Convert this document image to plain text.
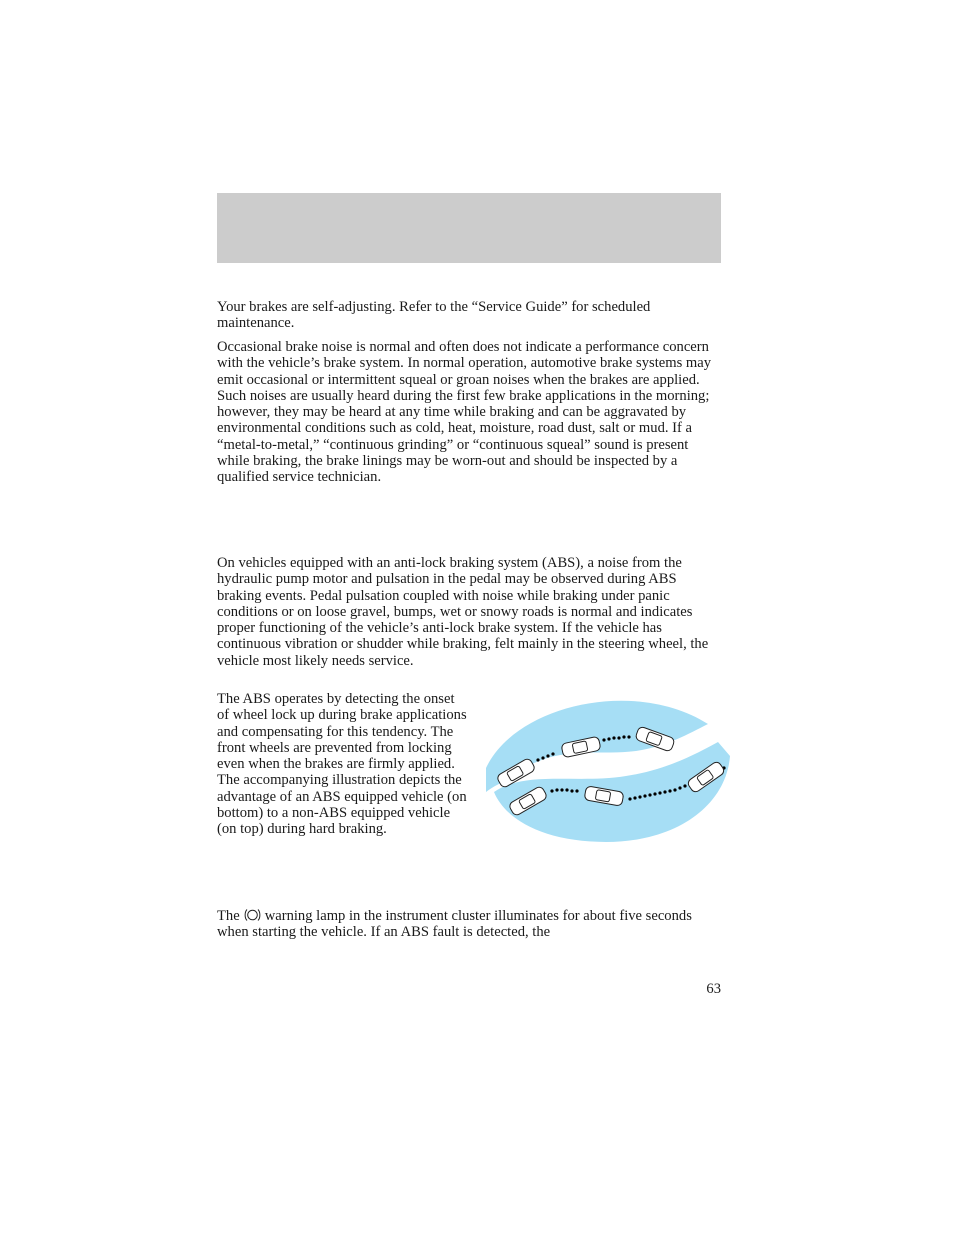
Your brakes are self-adjusting. Refer to the “Service Guide” for scheduled maintenance.

Occasional brake noise is normal and often does not indicate a performance concern with the vehicle’s brake system. In normal operation, automotive brake systems may emit occasional or intermittent squeal or groan noises when the brakes are applied. Such noises are usually heard during the first few brake applications in the morning; however, they may be heard at any time while braking and can be aggravated by environmental conditions such as cold, heat, moisture, road dust, salt or mud. If a “metal-to-metal,” “continuous grinding” or “continuous squeal” sound is present while braking, the brake linings may be worn-out and should be inspected by a qualified service technician.

On vehicles equipped with an anti-lock braking system (ABS), a noise from the hydraulic pump motor and pulsation in the pedal may be observed during ABS braking events. Pedal pulsation coupled with noise while braking under panic conditions or on loose gravel, bumps, wet or snowy roads is normal and indicates proper functioning of the vehicle’s anti-lock brake system. If the vehicle has continuous vibration or shudder while braking, felt mainly in the steering wheel, the vehicle most likely needs service.

The ABS operates by detecting the onset of wheel lock up during brake applications and compensating for this tendency. The front wheels are prevented from locking even when the brakes are firmly applied. The accompanying illustration depicts the advantage of an ABS equipped vehicle (on bottom) to a non-ABS equipped vehicle (on top) during hard braking.

The warning lamp in the instrument cluster illuminates for about five seconds when starting the vehicle. If an ABS fault is detected, the

63
